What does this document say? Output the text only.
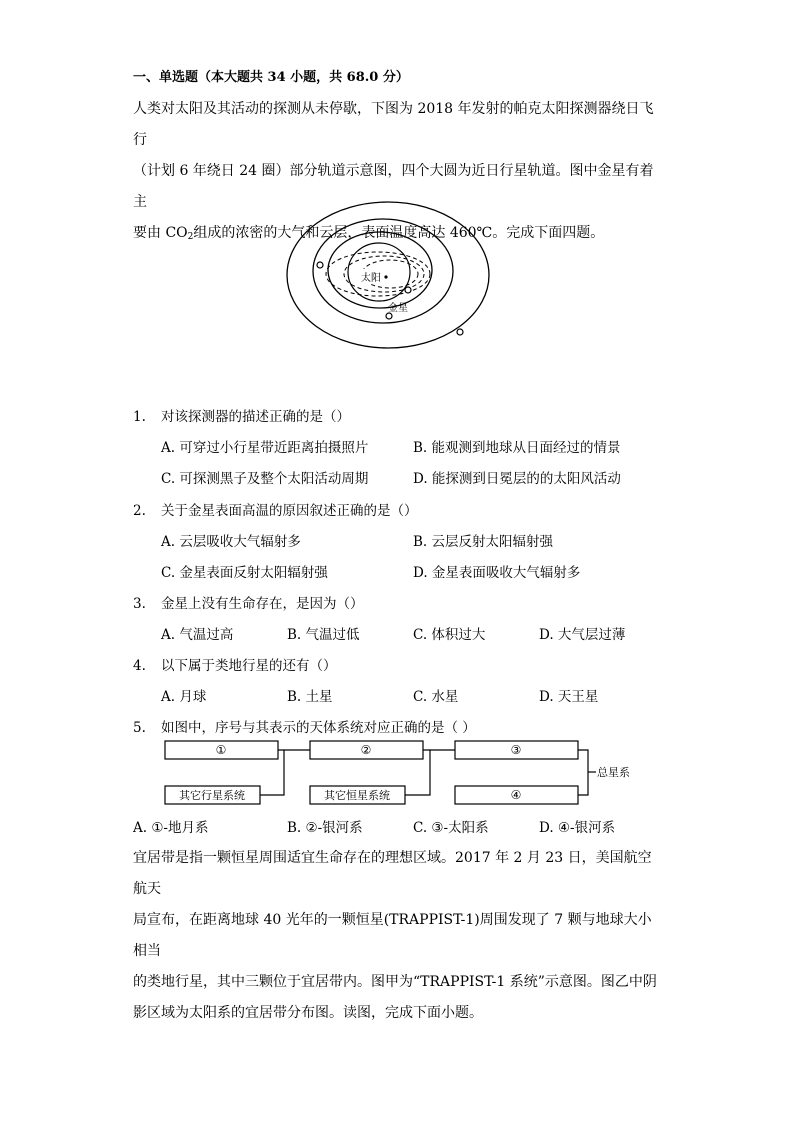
一、单选题（本大题共 34 小题，共 68.0 分）
人类对太阳及其活动的探测从未停歇，下图为 2018 年发射的帕克太阳探测器绕日飞行
（计划 6 年绕日 24 圈）部分轨道示意图，四个大圆为近日行星轨道。图中金星有着主
要由 $CO_2$组成的浓密的大气和云层，表面温度高达 460℃。完成下面四题。
太阳
金星
1. 对该探测器的描述正确的是（）
A. 可穿过小行星带近距离拍摄照片	B. 能观测到地球从日面经过的情景
C. 可探测黑子及整个太阳活动周期	D. 能探测到日冕层的的太阳风活动
2. 关于金星表面高温的原因叙述正确的是（）
A. 云层吸收大气辐射多	B. 云层反射太阳辐射强
C. 金星表面反射太阳辐射强	D. 金星表面吸收大气辐射多
3. 金星上没有生命存在，是因为（）
A. 气温过高	B. 气温过低	C. 体积过大	D. 大气层过薄
4. 以下属于类地行星的还有（）
A. 月球	B. 土星	C. 水星	D. 天王星
5. 如图中，序号与其表示的天体系统对应正确的是（ ）
①	②	③
其它行星系统	其它恒星系统	④
总星系
A. ①-地月系	B. ②-银河系	C. ③-太阳系	D. ④-银河系
宜居带是指一颗恒星周围适宜生命存在的理想区域。2017 年 2 月 23 日，美国航空航天
局宣布，在距离地球 40 光年的一颗恒星(TRAPPIST-1)周围发现了 7 颗与地球大小相当
的类地行星，其中三颗位于宜居带内。图甲为“TRAPPIST-1 系统”示意图。图乙中阴
影区域为太阳系的宜居带分布图。读图，完成下面小题。
